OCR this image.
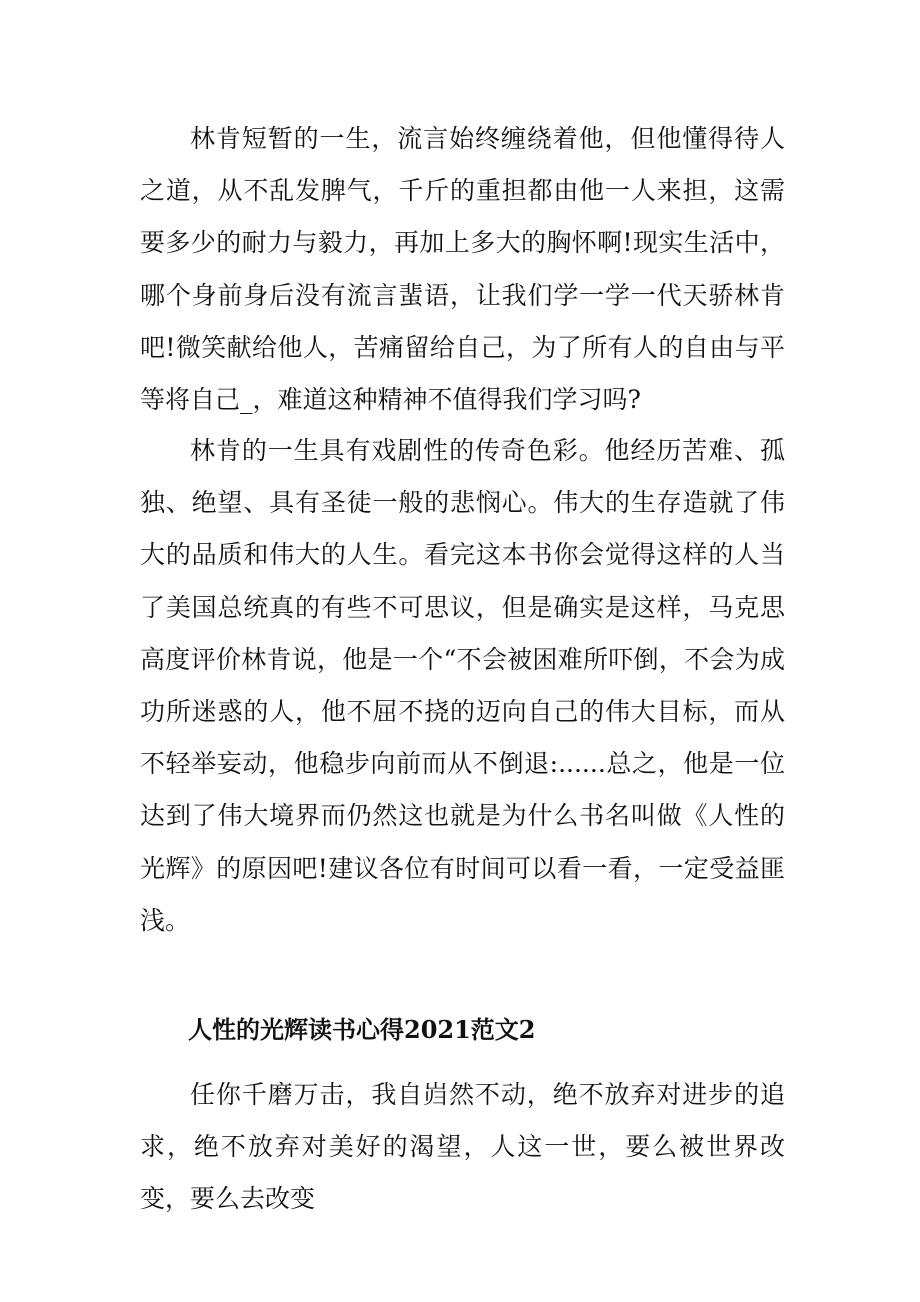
林肯短暂的一生，流言始终缠绕着他，但他懂得待人之道，从不乱发脾气，千斤的重担都由他一人来担，这需要多少的耐力与毅力，再加上多大的胸怀啊!现实生活中，哪个身前身后没有流言蜚语，让我们学一学一代天骄林肯吧!微笑献给他人，苦痛留给自己，为了所有人的自由与平等将自己_，难道这种精神不值得我们学习吗?

林肯的一生具有戏剧性的传奇色彩。他经历苦难、孤独、绝望、具有圣徒一般的悲悯心。伟大的生存造就了伟大的品质和伟大的人生。看完这本书你会觉得这样的人当了美国总统真的有些不可思议，但是确实是这样，马克思高度评价林肯说，他是一个“不会被困难所吓倒，不会为成功所迷惑的人，他不屈不挠的迈向自己的伟大目标，而从不轻举妄动，他稳步向前而从不倒退:......总之，他是一位达到了伟大境界而仍然这也就是为什么书名叫做《人性的光辉》的原因吧!建议各位有时间可以看一看，一定受益匪浅。

人性的光辉读书心得2021范文2

任你千磨万击，我自岿然不动，绝不放弃对进步的追求，绝不放弃对美好的渴望，人这一世，要么被世界改变，要么去改变
